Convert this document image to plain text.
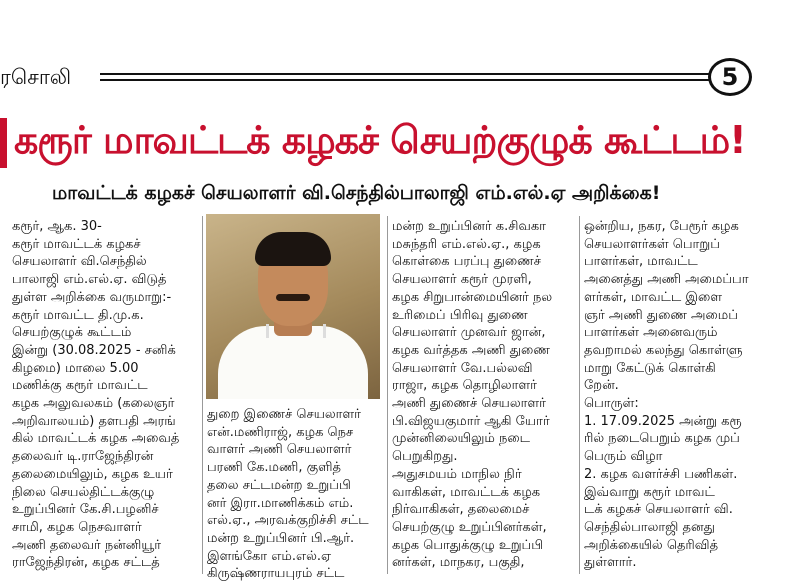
ரசொலி	5
கரூர் மாவட்டக் கழகச் செயற்குழுக் கூட்டம்!
மாவட்டக் கழகச் செயலாளர் வி.செந்தில்பாலாஜி எம்.எல்.ஏ அறிக்கை!
கரூர், ஆக. 30-
கரூர் மாவட்டக் கழகச்
செயலாளர் வி.செந்தில்
பாலாஜி எம்.எல்.ஏ. விடுத்
துள்ள அறிக்கை வருமாறு:-
கரூர் மாவட்ட தி.மு.க.
செயற்குழுக் கூட்டம்
இன்று (30.08.2025 - சனிக்
கிழமை) மாலை 5.00
மணிக்கு கரூர் மாவட்ட
கழக அலுவலகம் (கலைஞர்
அறிவாலயம்) தளபதி அரங்
கில் மாவட்டக் கழக அவைத்
தலைவர் டி.ராஜேந்திரன்
தலைமையிலும், கழக உயர்
நிலை செயல்திட்டக்குழு
உறுப்பினர் கே.சி.பழனிச்
சாமி, கழக நெசவாளர்
அணி தலைவர் நன்னியூர்
ராஜேந்திரன், கழக சட்டத்
துறை இணைச் செயலாளர்
என்.மணிராஜ், கழக நெச
வாளர் அணி செயலாளர்
பரணி கே.மணி, குளித்
தலை சட்டமன்ற உறுப்பி
னர் இரா.மாணிக்கம் எம்.
எல்.ஏ., அரவக்குறிச்சி சட்ட
மன்ற உறுப்பினர் பி.ஆர்.
இளங்கோ எம்.எல்.ஏ
கிருஷ்ணராயபுரம் சட்ட
மன்ற உறுப்பினர் க.சிவகா
மசுந்தரி எம்.எல்.ஏ., கழக
கொள்கை பரப்பு துணைச்
செயலாளர் கரூர் முரளி,
கழக சிறுபான்மையினர் நல
உரிமைப் பிரிவு துணை
செயலாளர் முனவர் ஜான்,
கழக வர்த்தக அணி துணை
செயலாளர் வே.பல்லவி
ராஜா, கழக தொழிலாளர்
அணி துணைச் செயலாளர்
பி.விஜயகுமார் ஆகி யோர்
முன்னிலையிலும் நடை
பெறுகிறது.
அதுசமயம் மாநில நிர்
வாகிகள், மாவட்டக் கழக
நிர்வாகிகள், தலைமைச்
செயற்குழு உறுப்பினர்கள்,
கழக பொதுக்குழு உறுப்பி
னர்கள், மாநகர, பகுதி,
ஒன்றிய, நகர, பேரூர் கழக
செயலாளர்கள் பொறுப்
பாளர்கள், மாவட்ட
அனைத்து அணி அமைப்பா
ளர்கள், மாவட்ட இளை
ஞர் அணி துணை அமைப்
பாளர்கள் அனைவரும்
தவறாமல் கலந்து கொள்ளு
மாறு கேட்டுக் கொள்கி
றேன்.
பொருள்:
1. 17.09.2025 அன்று கரூ
ரில் நடைபெறும் கழக முப்
பெரும் விழா
2. கழக வளர்ச்சி பணிகள்.
இவ்வாறு கரூர் மாவட்
டக் கழகச் செயலாளர் வி.
செந்தில்பாலாஜி தனது
அறிக்கையில் தெரிவித்
துள்ளார்.
